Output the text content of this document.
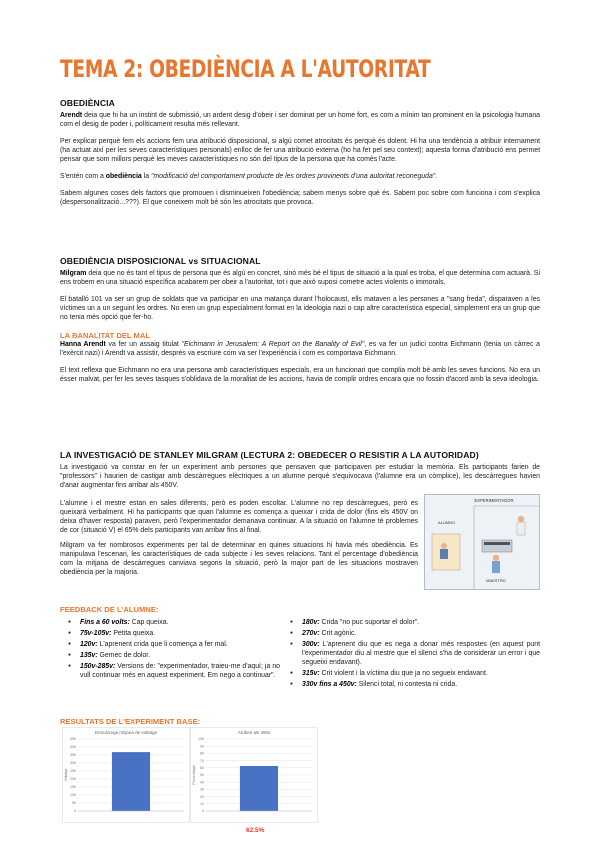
TEMA 2: OBEDIÈNCIA A L'AUTORITAT
OBEDIÈNCIA

Arendt deia que hi ha un instint de submissió, un ardent desig d'obeir i ser dominat per un home fort, es com a mínim tan prominent en la psicologia humana com el desig de poder i, políticament resulta més rellevant.

Per explicar perquè fem els accions fem una atribució disposicional, si algú comet atrocitats és perquè és dolent. Hi ha una tendència a atribuir internament (ha actuat així per les seves característiques personals) enlloc de fer una atribució externa (ho ha fet pel seu context); aquesta forma d'atribució ens permet pensar que som millors perquè les meves característiques no són del tipus de la persona que ha comès l'acte.

S'entén com a obediència la "modificació del comportament producte de les ordres provinents d'una autoritat reconeguda".

Sabem algunes coses dels factors que promouen i disminueixen l'obediència; sabem menys sobre què és. Sabem poc sobre com funciona i com s'explica (despersonalització...???). El que coneixem molt bé són les atrocitats que provoca.

OBEDIÈNCIA DISPOSICIONAL vs SITUACIONAL

Milgram deia que no és tant el tipus de persona que és algú en concret, sinó més bé el tipus de situació a la qual es troba, el que determina com actuarà. Si ens trobem en una situació específica acabarem per obeir a l'autoritat, tot i que això suposi cometre actes violents o immorals.

El batalló 101 va ser un grup de soldats que va participar en una matança durant l'holocaust, ells mataven a les persones a "sang freda", disparaven a les víctimes un a un seguint les ordres. No eren un grup especialment format en la ideologia nazi o cap altre característica especial, simplement era un grup que no tenia més opció que fer-ho.

LA BANALITAT DEL MAL

Hanna Arendt va fer un assaig titulat "Eichmann in Jerusalem: A Report on the Banality of Evil", es va fer un judici contra Eichmann (tenia un càrrec a l'exèrcit nazi) i Arendt va assistir, després va escriure com va ser l'experiència i com es comportava Eichmann.

El text reflexa que Eichmann no era una persona amb característiques especials, era un funcionari que complia molt bé amb les seves funcions. No era un ésser malvat, per fer les seves tasques s'oblidava de la moralitat de les accions, havia de complir ordres encara que no fossin d'acord amb la seva ideologia.

LA INVESTIGACIÓ DE STANLEY MILGRAM (LECTURA 2: OBEDECER O RESISTIR A LA AUTORIDAD)

La investigació va constar en fer un experiment amb persones que pensaven que participaven per estudiar la memòria. Els participants farien de "professors" i haurien de castigar amb descàrregues elèctriques a un alumne perquè s'equivocava (l'alumne era un còmplice), les descàrregues havien d'anar augmentar fins arribar als 450V.

L'alumne i el mestre estan en sales diferents, però es poden escoltar. L'alumne no rep descàrregues, però es queixarà verbalment. Hi ha participants que quan l'alumne es comença a queixar i crida de dolor (fins els 450V on deixa d'haver resposta) paraven, però l'experimentador demanava continuar. A la situació on l'alumne té problemes de cor (situació V) el 65% dels participants van arribar fins al final.

Milgram va fer nombrosos experiments per tal de determinar en quines situacions hi havia més obediència. Es manipulava l'escenari, les característiques de cada subjecte i les seves relacions. Tant el percentage d'obediència com la mitjana de descàrregues canviava segons la situació, però la major part de les situacions mostraven obediència per la majoria.

EXPERIMENTADOR
ALUMNO
MAESTRO
FEEDBACK DE L'ALUMNE:
● Fins a 60 volts: Cap queixa.
● 75v-105v: Petita queixa.
● 120v: L'aprenent crida que li comença a fer mal.
● 135v: Gemec de dolor.
● 150v-285v: Versions de: "experimentador, traieu-me d'aquí; ja no vull continuar més en aquest experiment. Em nego a continuar".
● 180v: Crida "no puc suportar el dolor".
● 270v: Crit agònic.
● 300v: L'aprenent diu que es nega a donar més respostes (en aquest punt l'experimentador diu al mestre que el silenci s'ha de considerar un error i que segueixi endavant).
● 315v: Crit violent i la víctima diu que ja no segueix endavant.
● 330v fins a 450v: Silenci total, ni contesta ni crida.
RESULTATS DE L'EXPERIMENT BASE:
Descàrrega mitjana de voltatge
0
50
100
150
200
250
300
350
400
450
Voltatge
Arriben als 450v
0
10
20
30
40
50
60
70
80
90
100
Percentatge
62.5%
